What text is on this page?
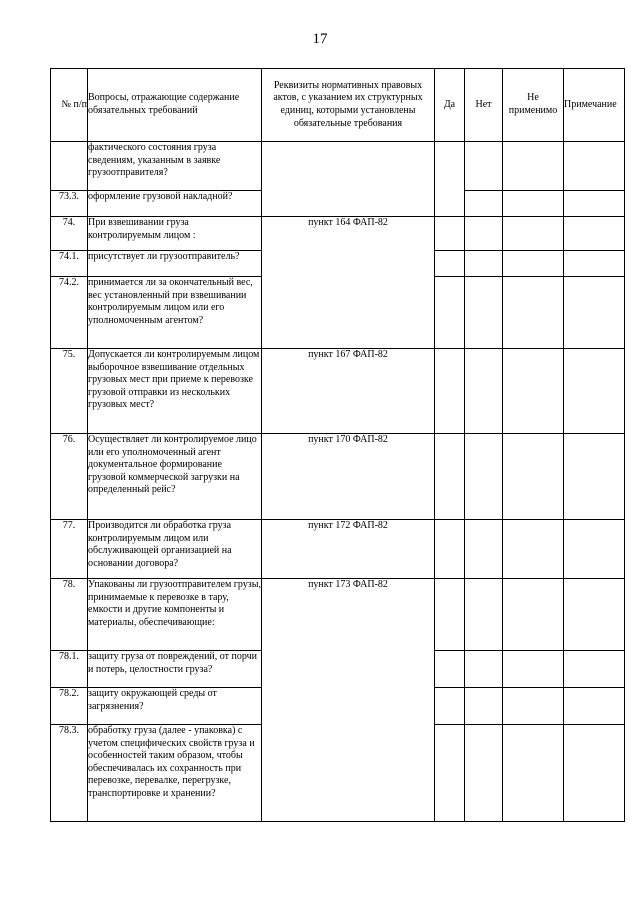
17
№ п/п	Вопросы, отражающие содержание обязательных требований	Реквизиты нормативных правовых актов, с указанием их структурных единиц, которыми установлены обязательные требования	Да	Нет	Не применимо	Примечание
	фактического состояния груза сведениям, указанным в заявке грузоотправителя?					
73.3.	оформление грузовой накладной?					
74.	При взвешивании груза контролируемым лицом :	пункт 164 ФАП-82				
74.1.	присутствует ли грузоотправитель?					
74.2.	принимается ли за окончательный вес, вес установленный при взвешивании контролируемым лицом или его уполномоченным агентом?					
75.	Допускается ли контролируемым лицом выборочное взвешивание отдельных грузовых мест при приеме к перевозке грузовой отправки из нескольких грузовых мест?	пункт 167 ФАП-82				
76.	Осуществляет ли контролируемое лицо или его уполномоченный агент документальное формирование грузовой коммерческой загрузки на определенный рейс?	пункт 170 ФАП-82				
77.	Производится ли обработка груза контролируемым лицом или обслуживающей организацией на основании договора?	пункт 172 ФАП-82				
78.	Упакованы ли грузоотправителем грузы, принимаемые к перевозке в тару, емкости и другие компоненты и материалы, обеспечивающие:	пункт 173 ФАП-82				
78.1.	защиту груза от повреждений, от порчи и потерь, целостности груза?					
78.2.	защиту окружающей среды от загрязнения?					
78.3.	обработку груза (далее - упаковка) с учетом специфических свойств груза и особенностей таким образом, чтобы обеспечивалась их сохранность при перевозке, перевалке, перегрузке, транспортировке и хранении?					
